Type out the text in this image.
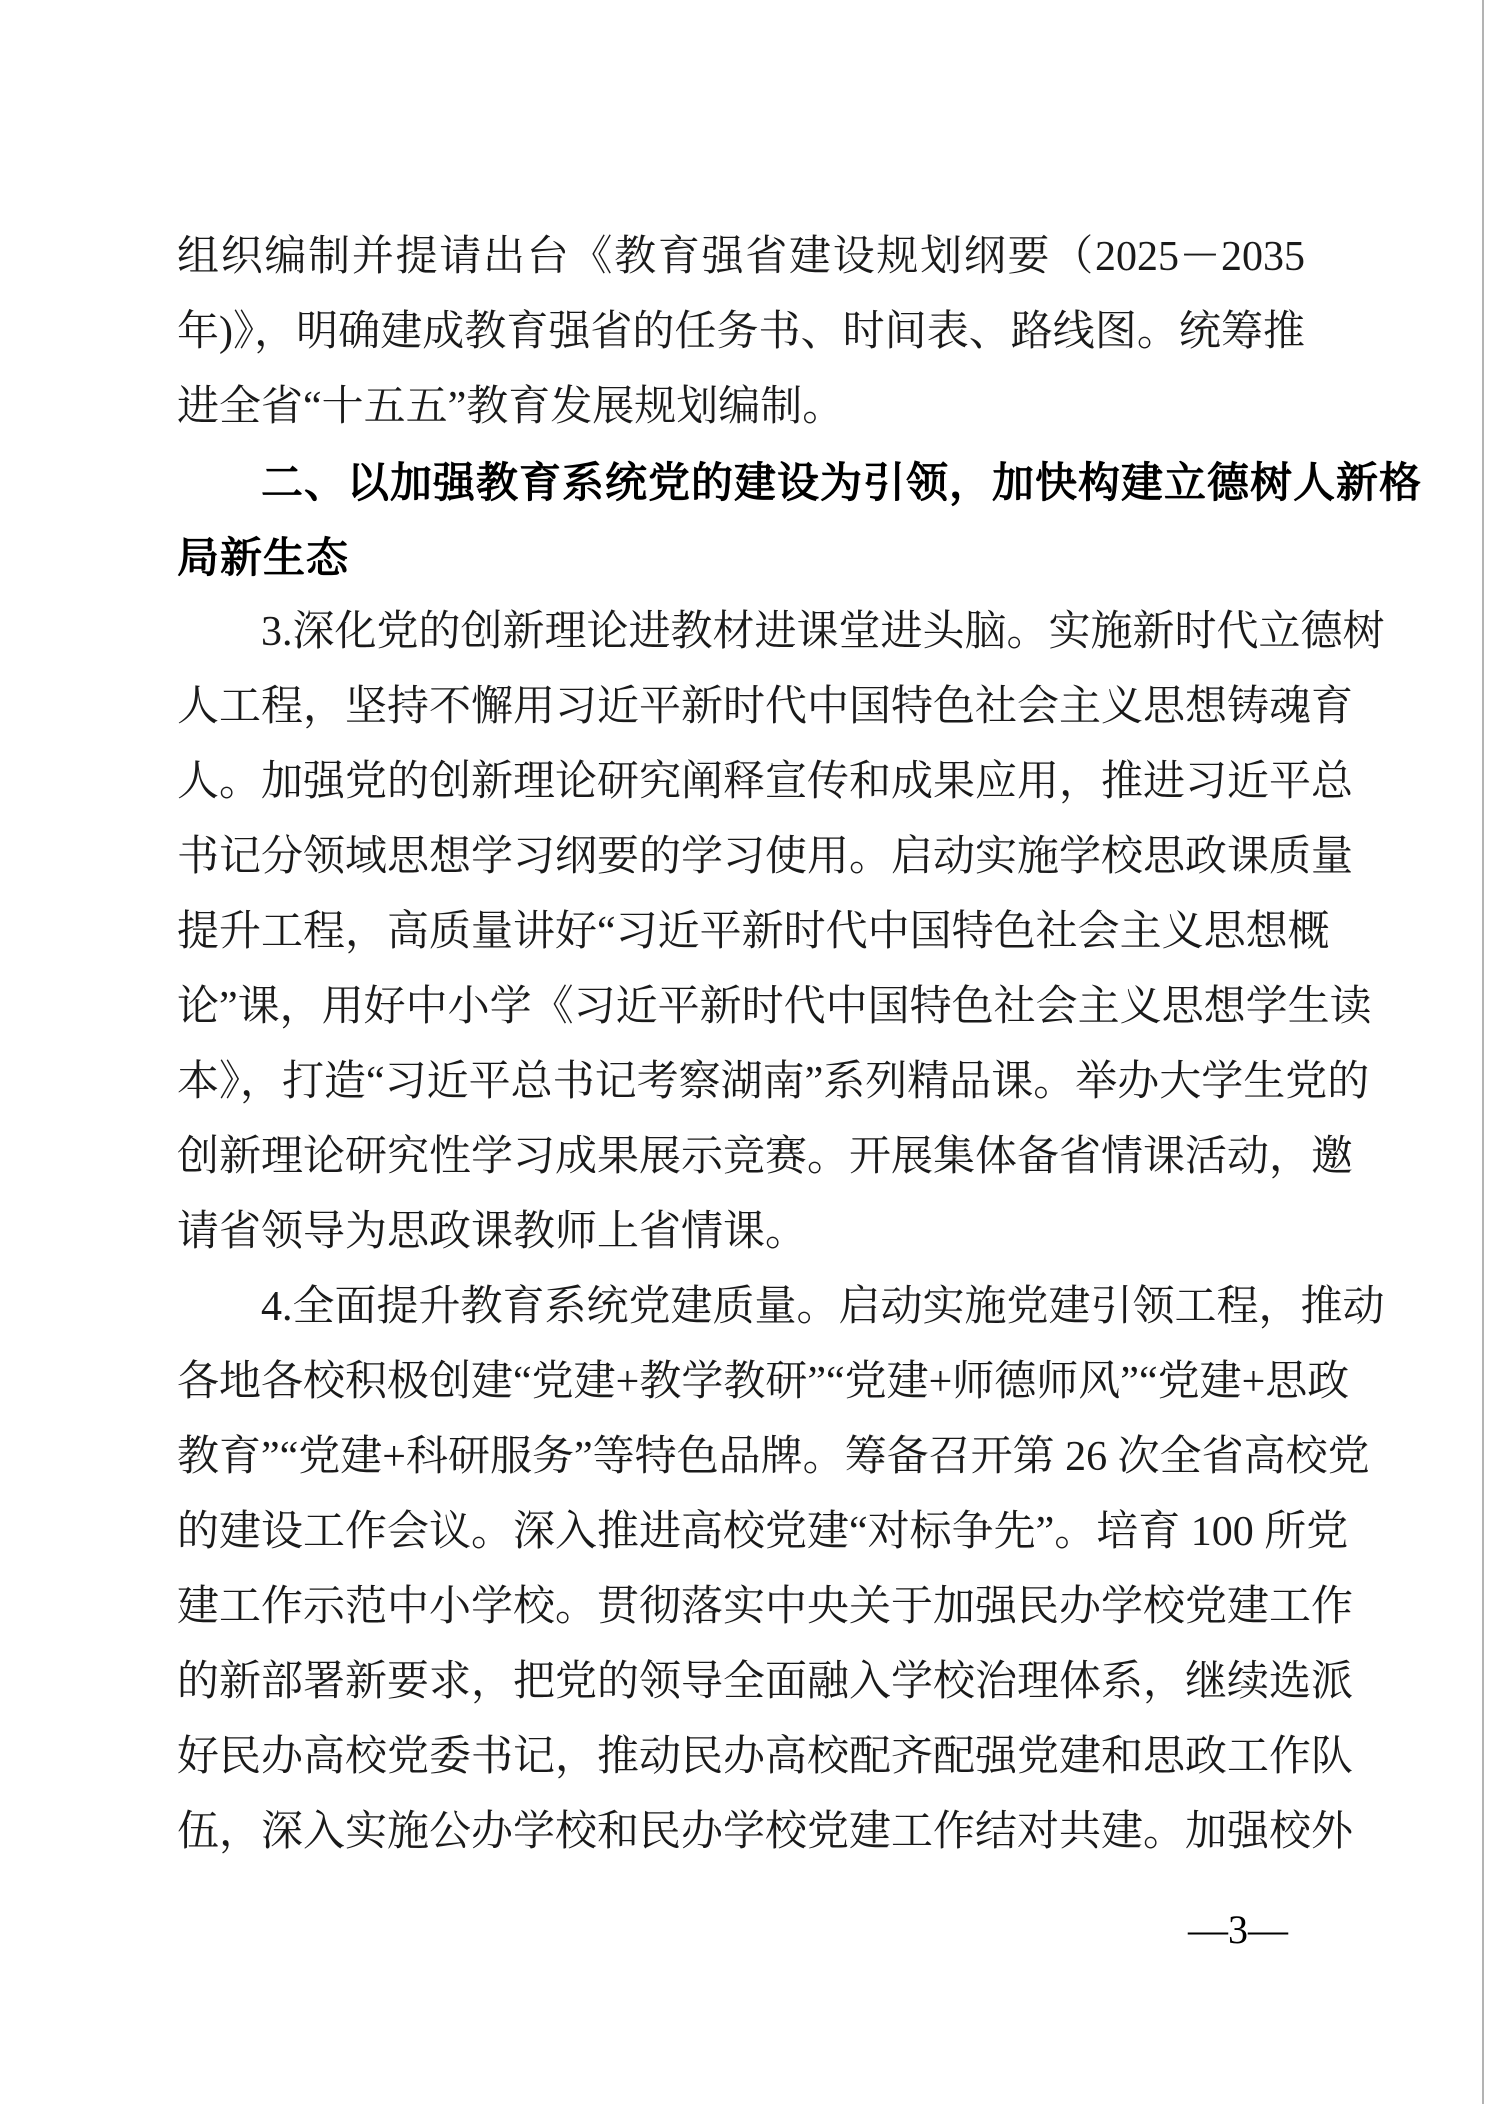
组织编制并提请出台《教育强省建设规划纲要（2025－2035
年)》，明确建成教育强省的任务书、时间表、路线图。统筹推
进全省“十五五”教育发展规划编制。
二、以加强教育系统党的建设为引领，加快构建立德树人新格
局新生态
3.深化党的创新理论进教材进课堂进头脑。实施新时代立德树
人工程，坚持不懈用习近平新时代中国特色社会主义思想铸魂育
人。加强党的创新理论研究阐释宣传和成果应用，推进习近平总
书记分领域思想学习纲要的学习使用。启动实施学校思政课质量
提升工程，高质量讲好“习近平新时代中国特色社会主义思想概
论”课，用好中小学《习近平新时代中国特色社会主义思想学生读
本》，打造“习近平总书记考察湖南”系列精品课。举办大学生党的
创新理论研究性学习成果展示竞赛。开展集体备省情课活动，邀
请省领导为思政课教师上省情课。
4.全面提升教育系统党建质量。启动实施党建引领工程，推动
各地各校积极创建“党建+教学教研”“党建+师德师风”“党建+思政
教育”“党建+科研服务”等特色品牌。筹备召开第 26 次全省高校党
的建设工作会议。深入推进高校党建“对标争先”。培育 100 所党
建工作示范中小学校。贯彻落实中央关于加强民办学校党建工作
的新部署新要求，把党的领导全面融入学校治理体系，继续选派
好民办高校党委书记，推动民办高校配齐配强党建和思政工作队
伍，深入实施公办学校和民办学校党建工作结对共建。加强校外
—3—
